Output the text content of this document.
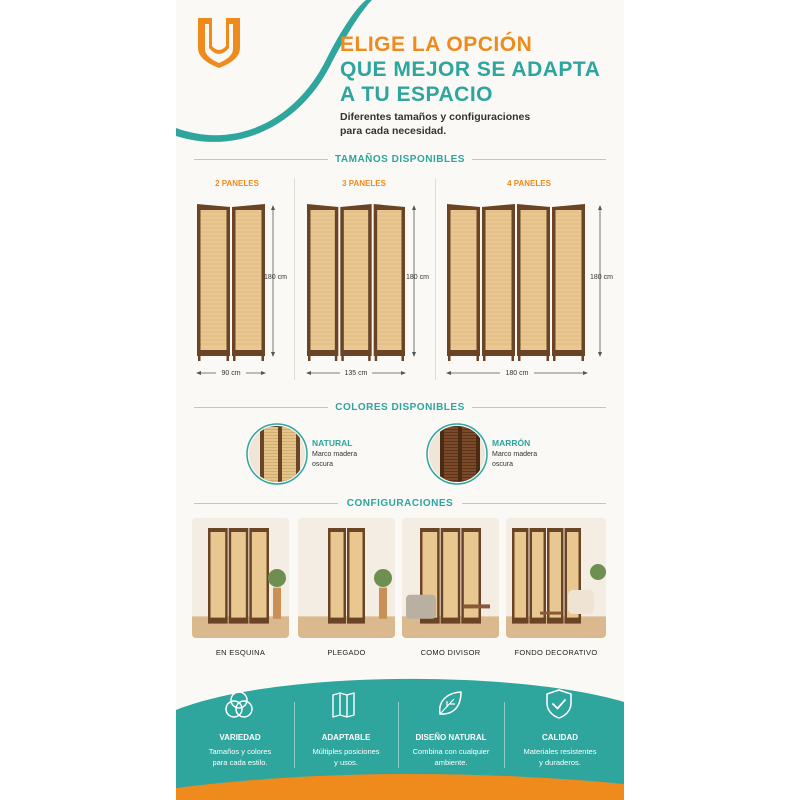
ELIGE LA OPCIÓN
QUE MEJOR SE ADAPTA
A TU ESPACIO
Diferentes tamaños y configuraciones
para cada necesidad.
TAMAÑOS DISPONIBLES
2 PANELES	3 PANELES	4 PANELES
180 cm	180 cm	180 cm
90 cm	135 cm	180 cm
COLORES DISPONIBLES
NATURAL
Marco madera
oscura
MARRÓN
Marco madera
oscura
CONFIGURACIONES
EN ESQUINA	PLEGADO	COMO DIVISOR	FONDO DECORATIVO
VARIEDAD
Tamaños y colores
para cada estilo.
ADAPTABLE
Múltiples posiciones
y usos.
DISEÑO NATURAL
Combina con cualquier
ambiente.
CALIDAD
Materiales resistentes
y duraderos.
